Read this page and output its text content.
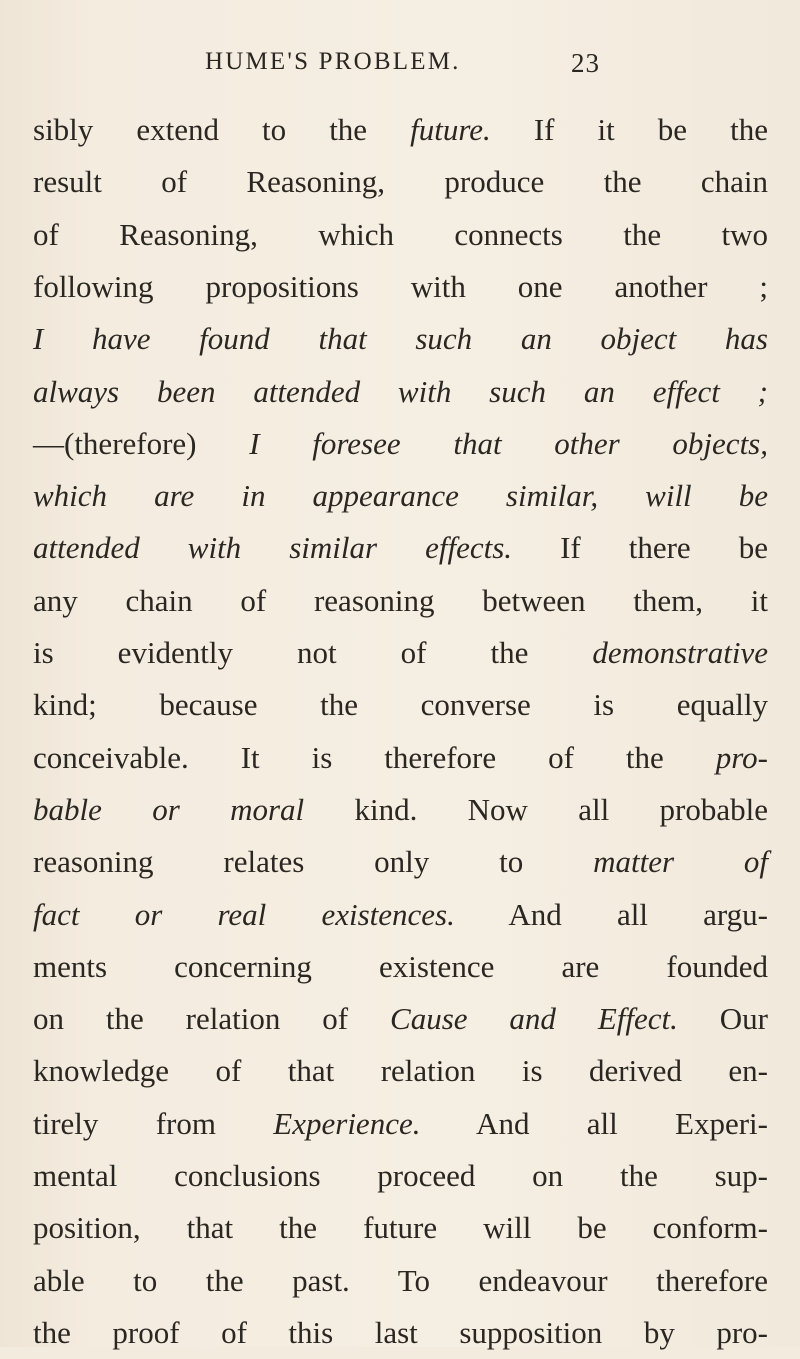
HUME'S PROBLEM.	23
sibly extend to the future. If it be the
result of Reasoning, produce the chain
of Reasoning, which connects the two
following propositions with one another ;
I have found that such an object has
always been attended with such an effect ;
—(therefore) I foresee that other objects,
which are in appearance similar, will be
attended with similar effects. If there be
any chain of reasoning between them, it
is evidently not of the demonstrative
kind; because the converse is equally
conceivable. It is therefore of the pro-
bable or moral kind. Now all probable
reasoning relates only to matter of
fact or real existences. And all argu-
ments concerning existence are founded
on the relation of Cause and Effect. Our
knowledge of that relation is derived en-
tirely from Experience. And all Experi-
mental conclusions proceed on the sup-
position, that the future will be conform-
able to the past. To endeavour therefore
the proof of this last supposition by pro-
